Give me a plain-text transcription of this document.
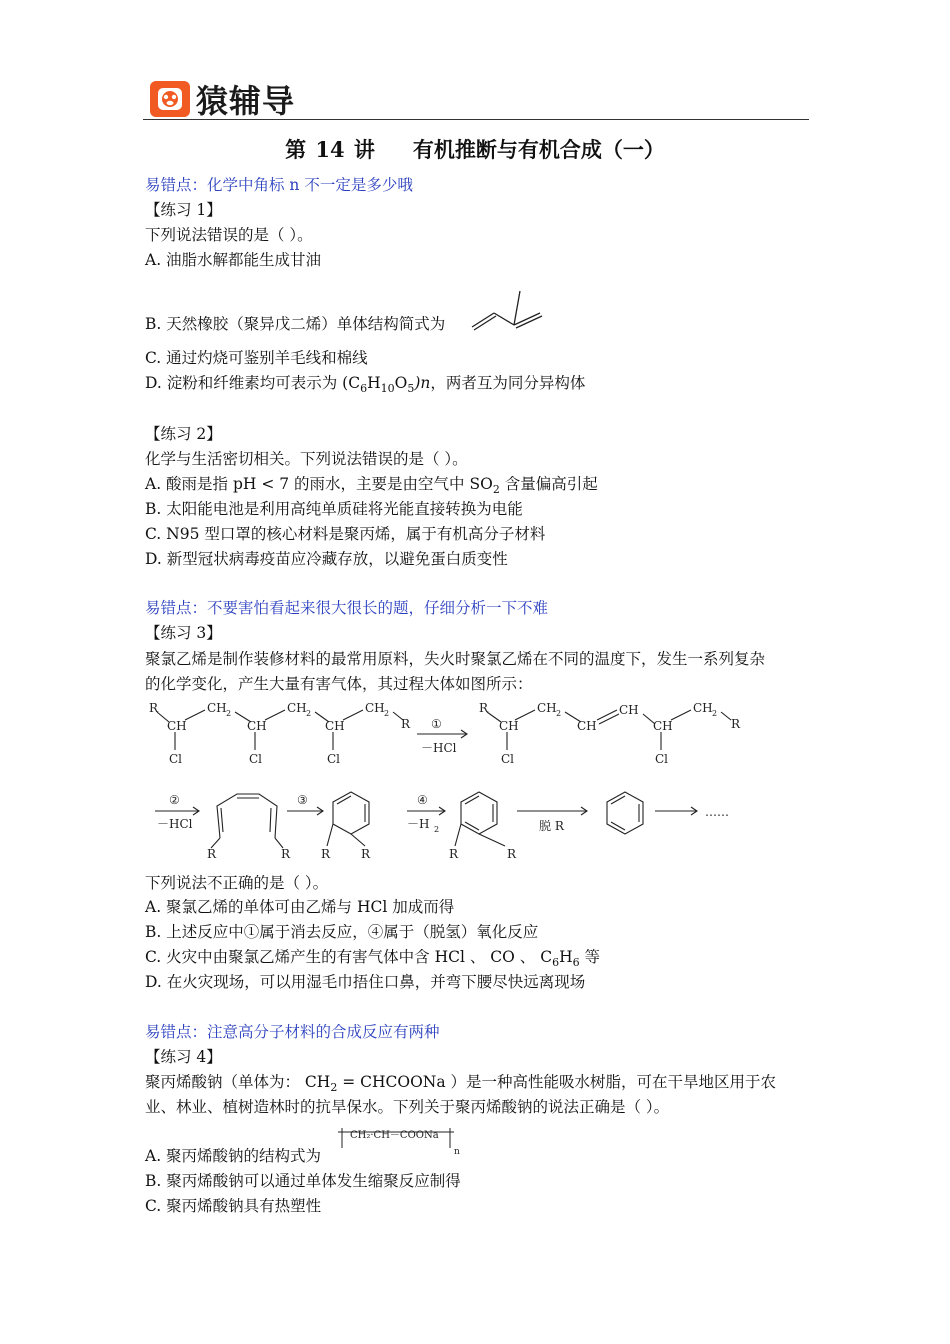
猿辅导
第 14 讲 有机推断与有机合成（一）
易错点：化学中角标 n 不一定是多少哦
【练习 1】
下列说法错误的是（ ）。
A. 油脂水解都能生成甘油
B. 天然橡胶（聚异戊二烯）单体结构简式为
C. 通过灼烧可鉴别羊毛线和棉线
D. 淀粉和纤维素均可表示为 $(C_6H_{10}O_5)n$，两者互为同分异构体
【练习 2】
化学与生活密切相关。下列说法错误的是（ ）。
A. 酸雨是指 pH < 7 的雨水，主要是由空气中 $SO_2$ 含量偏高引起
B. 太阳能电池是利用高纯单质硅将光能直接转换为电能
C. N95 型口罩的核心材料是聚丙烯，属于有机高分子材料
D. 新型冠状病毒疫苗应冷藏存放，以避免蛋白质变性
易错点：不要害怕看起来很大很长的题，仔细分析一下不难
【练习 3】
聚氯乙烯是制作装修材料的最常用原料，失火时聚氯乙烯在不同的温度下，发生一系列复杂
的化学变化，产生大量有害气体，其过程大体如图所示：
R
CH
Cl
CH 2
CH
Cl
CH 2
CH
Cl
CH 2
R ①
－HCl
R
CH
Cl
CH 2
CH
CH
CH
Cl
CH 2
R
②
－HCl
R	R
③
R	R
④
－H 2
R	R
脱 R
……
下列说法不正确的是（ ）。
A. 聚氯乙烯的单体可由乙烯与 HCl 加成而得
B. 上述反应中①属于消去反应，④属于（脱氢）氧化反应
C. 火灾中由聚氯乙烯产生的有害气体中含 HCl 、 CO 、 $C_6H_6$ 等
D. 在火灾现场，可以用湿毛巾捂住口鼻，并弯下腰尽快远离现场
易错点：注意高分子材料的合成反应有两种
【练习 4】
聚丙烯酸钠（单体为： $CH_2$ = CHCOONa ）是一种高性能吸水树脂，可在干旱地区用于农
业、林业、植树造林时的抗旱保水。下列关于聚丙烯酸钠的说法正确是（ ）。
A. 聚丙烯酸钠的结构式为
CH₂·CH－COONa
n
B. 聚丙烯酸钠可以通过单体发生缩聚反应制得
C. 聚丙烯酸钠具有热塑性
